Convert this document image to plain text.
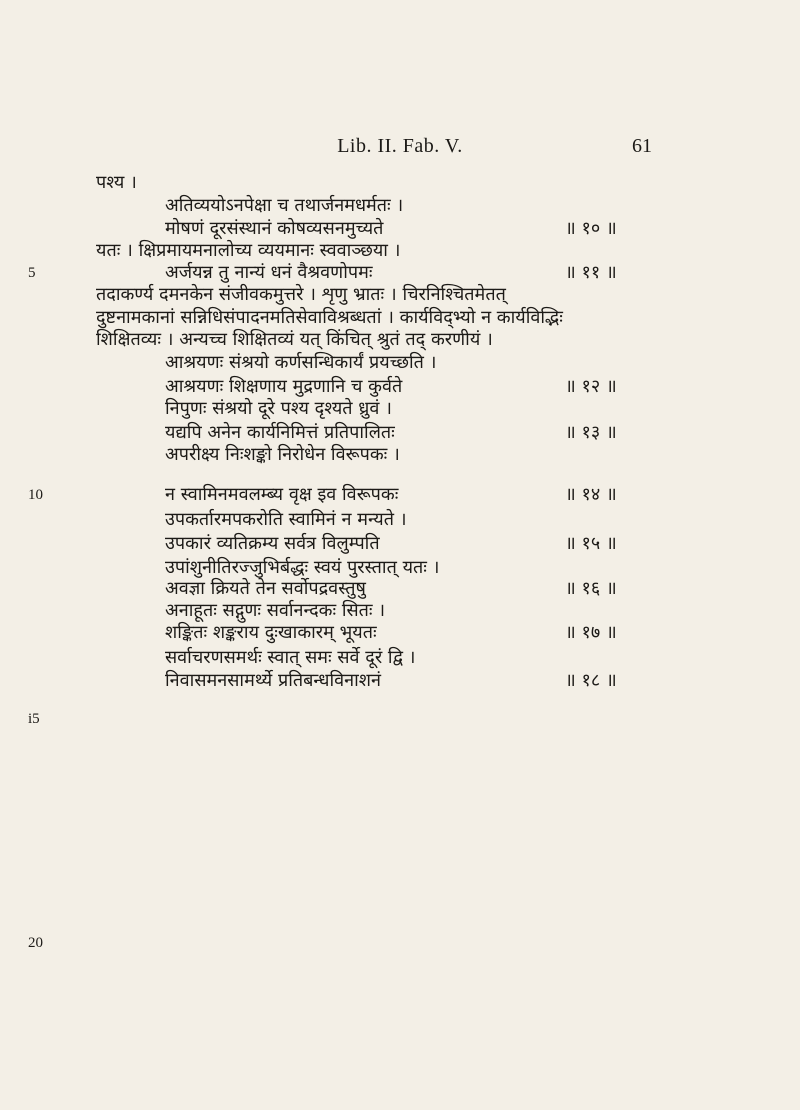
Lib. II. Fab. V.	61
5
10
i5
20
पश्य ।
अतिव्ययोऽनपेक्षा च तथार्जनमधर्मतः ।
मोषणं दूरसंस्थानं कोषव्यसनमुच्यते	॥ १० ॥
यतः । क्षिप्रमायमनालोच्य व्ययमानः स्ववाञ्छया ।
अर्जयन्न तु नान्यं धनं वैश्रवणोपमः	॥ ११ ॥
तदाकर्ण्य दमनकेन संजीवकमुत्तरे । शृणु भ्रातः । चिरनिश्चितमेतत्
दुष्टनामकानां सन्निधिसंपादनमतिसेवाविश्रब्धतां । कार्यविद्भ्यो न कार्यविद्भिः
शिक्षितव्यः । अन्यच्च शिक्षितव्यं यत् किंचित् श्रुतं तद् करणीयं ।
आश्रयणः संश्रयो कर्णसन्धिकार्यं प्रयच्छति ।
आश्रयणः शिक्षणाय मुद्रणानि च कुर्वते	॥ १२ ॥
निपुणः संश्रयो दूरे पश्य दृश्यते ध्रुवं ।
यद्यपि अनेन कार्यनिमित्तं प्रतिपालितः	॥ १३ ॥
अपरीक्ष्य निःशङ्को निरोधेन विरूपकः ।
न स्वामिनमवलम्ब्य वृक्ष इव विरूपकः	॥ १४ ॥
उपकर्तारमपकरोति स्वामिनं न मन्यते ।
उपकारं व्यतिक्रम्य सर्वत्र विलुम्पति	॥ १५ ॥
उपांशुनीतिरज्जुभिर्बद्धः स्वयं पुरस्तात् यतः ।
अवज्ञा क्रियते तेन सर्वोपद्रवस्तुषु	॥ १६ ॥
अनाहूतः सद्गुणः सर्वानन्दकः सितः ।
शङ्कितः शङ्कराय दुःखाकारम् भूयतः	॥ १७ ॥
सर्वाचरणसमर्थः स्वात् समः सर्वे दूरं द्वि ।
निवासमनसामर्थ्ये प्रतिबन्धविनाशनं	॥ १८ ॥
